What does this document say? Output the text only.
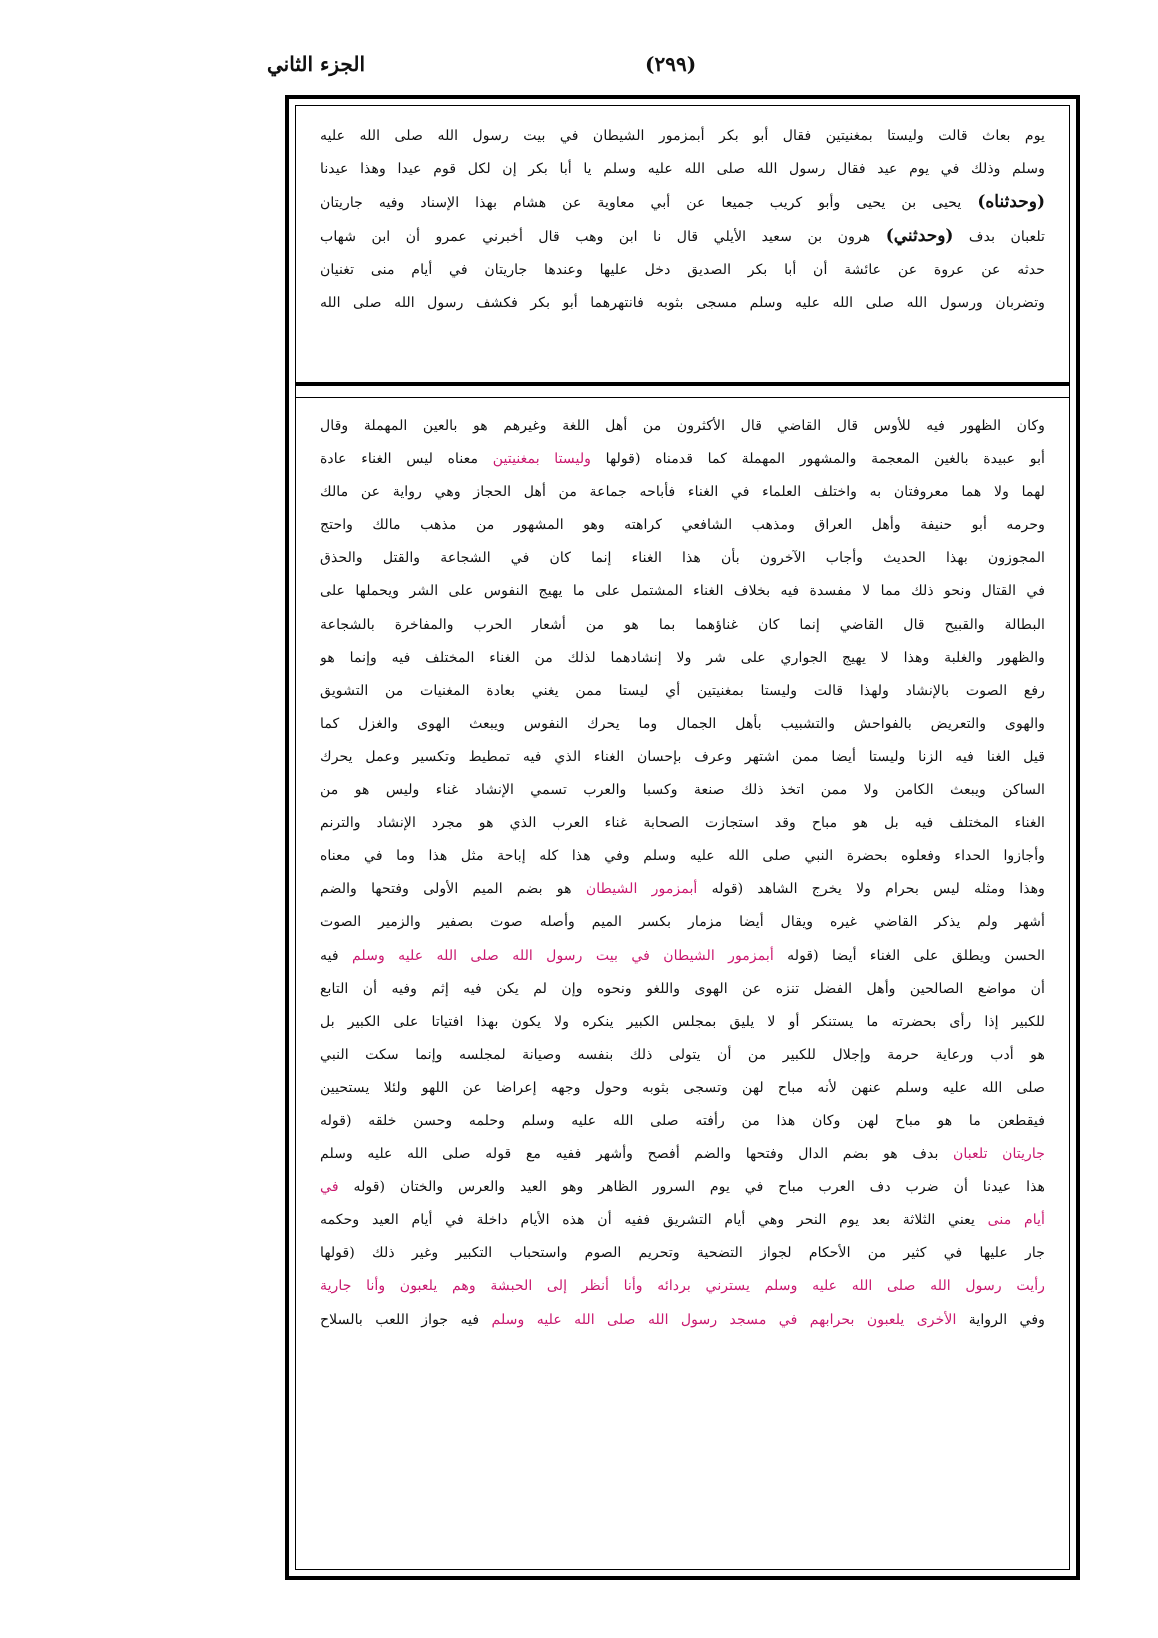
الجزء الثاني	(٢٩٩)
يوم بعاث قالت وليستا بمغنيتين فقال أبو بكر أبمزمور الشيطان في بيت رسول الله صلى الله عليه
وسلم وذلك في يوم عيد فقال رسول الله صلى الله عليه وسلم يا أبا بكر إن لكل قوم عيدا وهذا عيدنا
(وحدثناه) يحيى بن يحيى وأبو كريب جميعا عن أبي معاوية عن هشام بهذا الإسناد وفيه جاريتان
تلعبان بدف (وحدثني) هرون بن سعيد الأيلي قال نا ابن وهب قال أخبرني عمرو أن ابن شهاب
حدثه عن عروة عن عائشة أن أبا بكر الصديق دخل عليها وعندها جاريتان في أيام منى تغنيان
وتضربان ورسول الله صلى الله عليه وسلم مسجى بثوبه فانتهرهما أبو بكر فكشف رسول الله صلى الله
وكان الظهور فيه للأوس قال القاضي قال الأكثرون من أهل اللغة وغيرهم هو بالعين المهملة وقال
أبو عبيدة بالغين المعجمة والمشهور المهملة كما قدمناه (قولها وليستا بمغنيتين معناه ليس الغناء عادة
لهما ولا هما معروفتان به واختلف العلماء في الغناء فأباحه جماعة من أهل الحجاز وهي رواية عن مالك
وحرمه أبو حنيفة وأهل العراق ومذهب الشافعي كراهته وهو المشهور من مذهب مالك واحتج
المجوزون بهذا الحديث وأجاب الآخرون بأن هذا الغناء إنما كان في الشجاعة والقتل والحذق
في القتال ونحو ذلك مما لا مفسدة فيه بخلاف الغناء المشتمل على ما يهيج النفوس على الشر ويحملها على
البطالة والقبيح قال القاضي إنما كان غناؤهما بما هو من أشعار الحرب والمفاخرة بالشجاعة
والظهور والغلبة وهذا لا يهيج الجواري على شر ولا إنشادهما لذلك من الغناء المختلف فيه وإنما هو
رفع الصوت بالإنشاد ولهذا قالت وليستا بمغنيتين أي ليستا ممن يغني بعادة المغنيات من التشويق
والهوى والتعريض بالفواحش والتشبيب بأهل الجمال وما يحرك النفوس ويبعث الهوى والغزل كما
قيل الغنا فيه الزنا وليستا أيضا ممن اشتهر وعرف بإحسان الغناء الذي فيه تمطيط وتكسير وعمل يحرك
الساكن ويبعث الكامن ولا ممن اتخذ ذلك صنعة وكسبا والعرب تسمي الإنشاد غناء وليس هو من
الغناء المختلف فيه بل هو مباح وقد استجازت الصحابة غناء العرب الذي هو مجرد الإنشاد والترنم
وأجازوا الحداء وفعلوه بحضرة النبي صلى الله عليه وسلم وفي هذا كله إباحة مثل هذا وما في معناه
وهذا ومثله ليس بحرام ولا يخرج الشاهد (قوله أبمزمور الشيطان هو بضم الميم الأولى وفتحها والضم
أشهر ولم يذكر القاضي غيره ويقال أيضا مزمار بكسر الميم وأصله صوت بصفير والزمير الصوت
الحسن ويطلق على الغناء أيضا (قوله أبمزمور الشيطان في بيت رسول الله صلى الله عليه وسلم فيه
أن مواضع الصالحين وأهل الفضل تنزه عن الهوى واللغو ونحوه وإن لم يكن فيه إثم وفيه أن التابع
للكبير إذا رأى بحضرته ما يستنكر أو لا يليق بمجلس الكبير ينكره ولا يكون بهذا افتياتا على الكبير بل
هو أدب ورعاية حرمة وإجلال للكبير من أن يتولى ذلك بنفسه وصيانة لمجلسه وإنما سكت النبي
صلى الله عليه وسلم عنهن لأنه مباح لهن وتسجى بثوبه وحول وجهه إعراضا عن اللهو ولئلا يستحيين
فيقطعن ما هو مباح لهن وكان هذا من رأفته صلى الله عليه وسلم وحلمه وحسن خلقه (قوله
جاريتان تلعبان بدف هو بضم الدال وفتحها والضم أفصح وأشهر ففيه مع قوله صلى الله عليه وسلم
هذا عيدنا أن ضرب دف العرب مباح في يوم السرور الظاهر وهو العيد والعرس والختان (قوله في
أيام منى يعني الثلاثة بعد يوم النحر وهي أيام التشريق ففيه أن هذه الأيام داخلة في أيام العيد وحكمه
جار عليها في كثير من الأحكام لجواز التضحية وتحريم الصوم واستحباب التكبير وغير ذلك (قولها
رأيت رسول الله صلى الله عليه وسلم يسترني بردائه وأنا أنظر إلى الحبشة وهم يلعبون وأنا جارية
وفي الرواية الأخرى يلعبون بحرابهم في مسجد رسول الله صلى الله عليه وسلم فيه جواز اللعب بالسلاح
